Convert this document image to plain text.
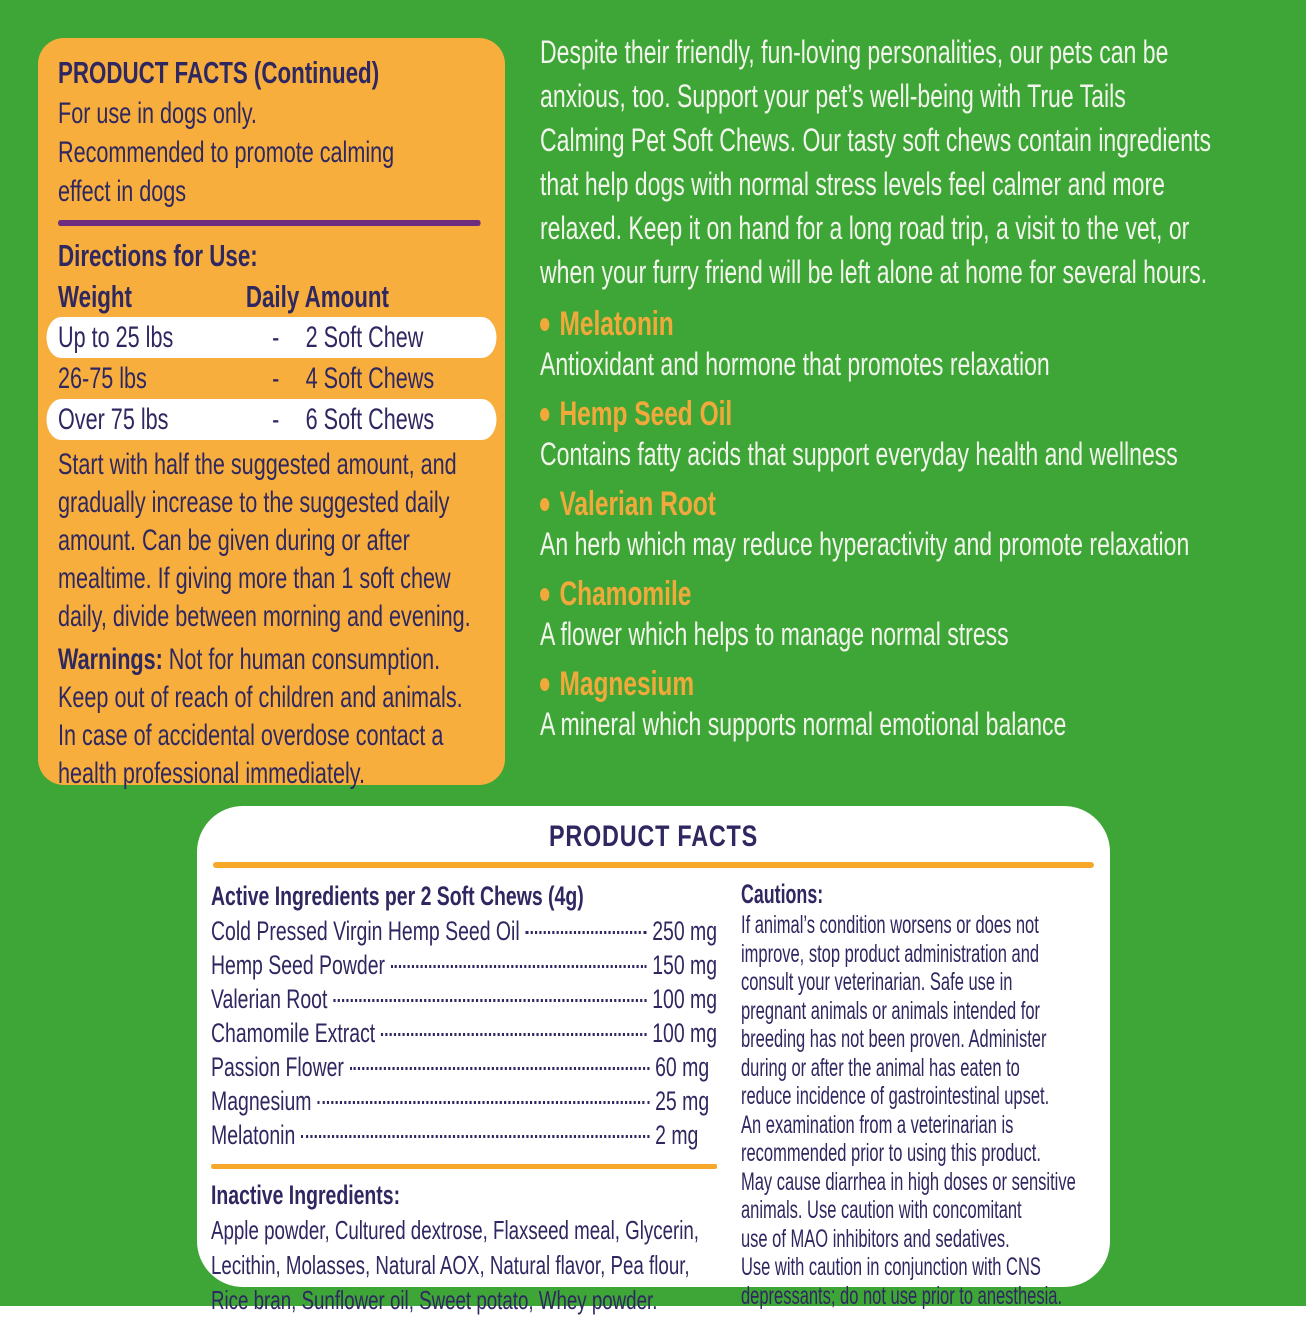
PRODUCT FACTS (Continued)
For use in dogs only.
Recommended to promote calming
effect in dogs
Directions for Use:
Weight	Daily Amount
Up to 25 lbs	- 2 Soft Chew
26-75 lbs	- 4 Soft Chews
Over 75 lbs	- 6 Soft Chews
Start with half the suggested amount, and
gradually increase to the suggested daily
amount. Can be given during or after
mealtime. If giving more than 1 soft chew
daily, divide between morning and evening.
Warnings: Not for human consumption.
Keep out of reach of children and animals.
In case of accidental overdose contact a
health professional immediately.
Despite their friendly, fun-loving personalities, our pets can be
anxious, too. Support your pet’s well-being with True Tails
Calming Pet Soft Chews. Our tasty soft chews contain ingredients
that help dogs with normal stress levels feel calmer and more
relaxed. Keep it on hand for a long road trip, a visit to the vet, or
when your furry friend will be left alone at home for several hours.
Melatonin
Antioxidant and hormone that promotes relaxation
Hemp Seed Oil
Contains fatty acids that support everyday health and wellness
Valerian Root
An herb which may reduce hyperactivity and promote relaxation
Chamomile
A flower which helps to manage normal stress
Magnesium
A mineral which supports normal emotional balance
PRODUCT FACTS
Active Ingredients per 2 Soft Chews (4g)
Cold Pressed Virgin Hemp Seed Oil	250 mg
Hemp Seed Powder	150 mg
Valerian Root	100 mg
Chamomile Extract	100 mg
Passion Flower	60 mg
Magnesium	25 mg
Melatonin	2 mg
Inactive Ingredients:
Apple powder, Cultured dextrose, Flaxseed meal, Glycerin,
Lecithin, Molasses, Natural AOX, Natural flavor, Pea flour,
Rice bran, Sunflower oil, Sweet potato, Whey powder.
Cautions:
If animal’s condition worsens or does not
improve, stop product administration and
consult your veterinarian. Safe use in
pregnant animals or animals intended for
breeding has not been proven. Administer
during or after the animal has eaten to
reduce incidence of gastrointestinal upset.
An examination from a veterinarian is
recommended prior to using this product.
May cause diarrhea in high doses or sensitive
animals. Use caution with concomitant
use of MAO inhibitors and sedatives.
Use with caution in conjunction with CNS
depressants; do not use prior to anesthesia.
